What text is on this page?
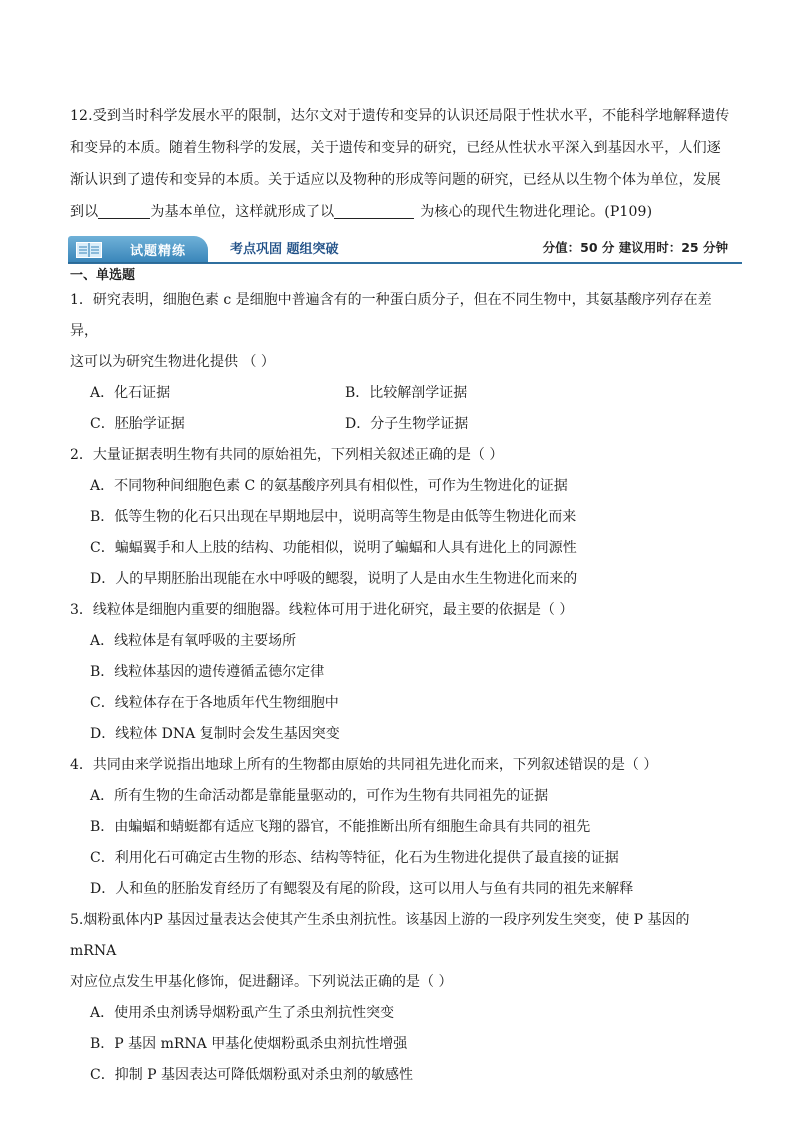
12.受到当时科学发展水平的限制，达尔文对于遗传和变异的认识还局限于性状水平，不能科学地解释遗传

和变异的本质。随着生物科学的发展，关于遗传和变异的研究，已经从性状水平深入到基因水平，人们逐

渐认识到了遗传和变异的本质。关于适应以及物种的形成等问题的研究，已经从以生物个体为单位，发展

到以	为基本单位，这样就形成了以	为核心的现代生物进化理论。(P109)

试题精练	考点巩固 题组突破	分值：50 分 建议用时：25 分钟
一、单选题
1．研究表明，细胞色素 c 是细胞中普遍含有的一种蛋白质分子，但在不同生物中，其氨基酸序列存在差异，
这可以为研究生物进化提供 （ ）
A．化石证据	B．比较解剖学证据
C．胚胎学证据	D．分子生物学证据
2．大量证据表明生物有共同的原始祖先，下列相关叙述正确的是（ ）
A．不同物种间细胞色素 C 的氨基酸序列具有相似性，可作为生物进化的证据
B．低等生物的化石只出现在早期地层中，说明高等生物是由低等生物进化而来
C．蝙蝠翼手和人上肢的结构、功能相似，说明了蝙蝠和人具有进化上的同源性
D．人的早期胚胎出现能在水中呼吸的鳃裂，说明了人是由水生生物进化而来的
3．线粒体是细胞内重要的细胞器。线粒体可用于进化研究，最主要的依据是（ ）
A．线粒体是有氧呼吸的主要场所
B．线粒体基因的遗传遵循孟德尔定律
C．线粒体存在于各地质年代生物细胞中
D．线粒体 DNA 复制时会发生基因突变
4．共同由来学说指出地球上所有的生物都由原始的共同祖先进化而来，下列叙述错误的是（ ）
A．所有生物的生命活动都是靠能量驱动的，可作为生物有共同祖先的证据
B．由蝙蝠和蜻蜓都有适应飞翔的器官，不能推断出所有细胞生命具有共同的祖先
C．利用化石可确定古生物的形态、结构等特征，化石为生物进化提供了最直接的证据
D．人和鱼的胚胎发育经历了有鳃裂及有尾的阶段，这可以用人与鱼有共同的祖先来解释
5.烟粉虱体内P 基因过量表达会使其产生杀虫剂抗性。该基因上游的一段序列发生突变，使 P 基因的 mRNA
对应位点发生甲基化修饰，促进翻译。下列说法正确的是（ ）
A．使用杀虫剂诱导烟粉虱产生了杀虫剂抗性突变
B．P 基因 mRNA 甲基化使烟粉虱杀虫剂抗性增强
C．抑制 P 基因表达可降低烟粉虱对杀虫剂的敏感性
